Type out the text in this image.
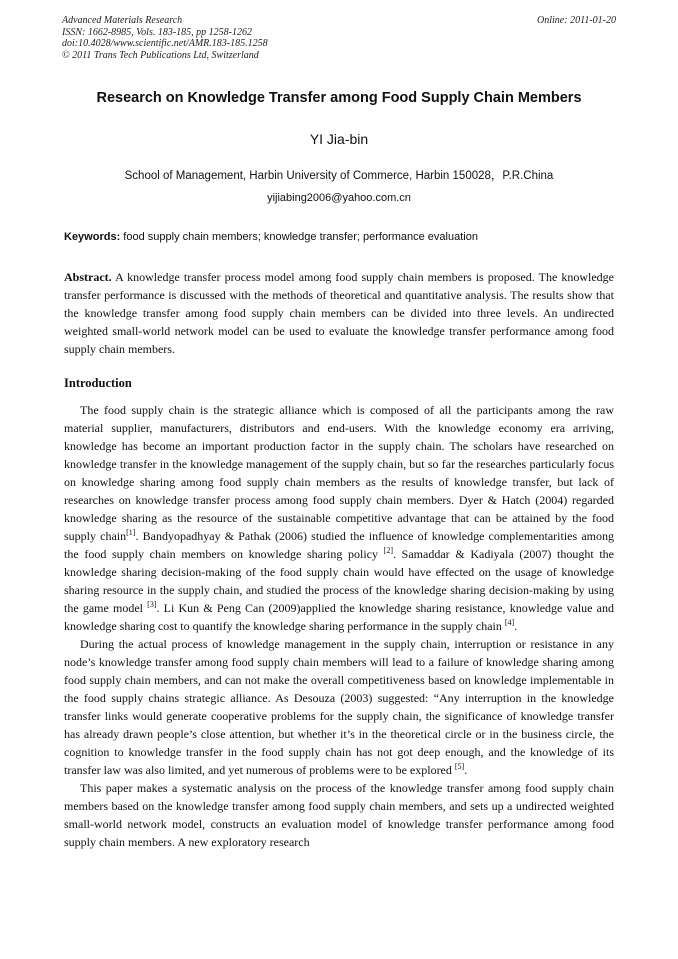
Advanced Materials Research
ISSN: 1662-8985, Vols. 183-185, pp 1258-1262
doi:10.4028/www.scientific.net/AMR.183-185.1258
© 2011 Trans Tech Publications Ltd, Switzerland
Online: 2011-01-20
Research on Knowledge Transfer among Food Supply Chain Members
YI Jia-bin
School of Management, Harbin University of Commerce, Harbin 150028，P.R.China
yijiabing2006@yahoo.com.cn
Keywords: food supply chain members; knowledge transfer; performance evaluation
Abstract. A knowledge transfer process model among food supply chain members is proposed. The knowledge transfer performance is discussed with the methods of theoretical and quantitative analysis. The results show that the knowledge transfer among food supply chain members can be divided into three levels. An undirected weighted small-world network model can be used to evaluate the knowledge transfer performance among food supply chain members.
Introduction

The food supply chain is the strategic alliance which is composed of all the participants among the raw material supplier, manufacturers, distributors and end-users. With the knowledge economy era arriving, knowledge has become an important production factor in the supply chain. The scholars have researched on knowledge transfer in the knowledge management of the supply chain, but so far the researches particularly focus on knowledge sharing among food supply chain members as the results of knowledge transfer, but lack of researches on knowledge transfer process among food supply chain members. Dyer & Hatch (2004) regarded knowledge sharing as the resource of the sustainable competitive advantage that can be attained by the food supply chain[1]. Bandyopadhyay & Pathak (2006) studied the influence of knowledge complementarities among the food supply chain members on knowledge sharing policy [2]. Samaddar & Kadiyala (2007) thought the knowledge sharing decision-making of the food supply chain would have effected on the usage of knowledge sharing resource in the supply chain, and studied the process of the knowledge sharing decision-making by using the game model [3]. Li Kun & Peng Can (2009)applied the knowledge sharing resistance, knowledge value and knowledge sharing cost to quantify the knowledge sharing performance in the supply chain [4].

During the actual process of knowledge management in the supply chain, interruption or resistance in any node’s knowledge transfer among food supply chain members will lead to a failure of knowledge sharing among food supply chain members, and can not make the overall competitiveness based on knowledge implementable in the food supply chains strategic alliance. As Desouza (2003) suggested: “Any interruption in the knowledge transfer links would generate cooperative problems for the supply chain, the significance of knowledge transfer has already drawn people’s close attention, but whether it’s in the theoretical circle or in the business circle, the cognition to knowledge transfer in the food supply chain has not got deep enough, and the knowledge of its transfer law was also limited, and yet numerous of problems were to be explored [5].

This paper makes a systematic analysis on the process of the knowledge transfer among food supply chain members based on the knowledge transfer among food supply chain members, and sets up a undirected weighted small-world network model, constructs an evaluation model of knowledge transfer performance among food supply chain members. A new exploratory research
